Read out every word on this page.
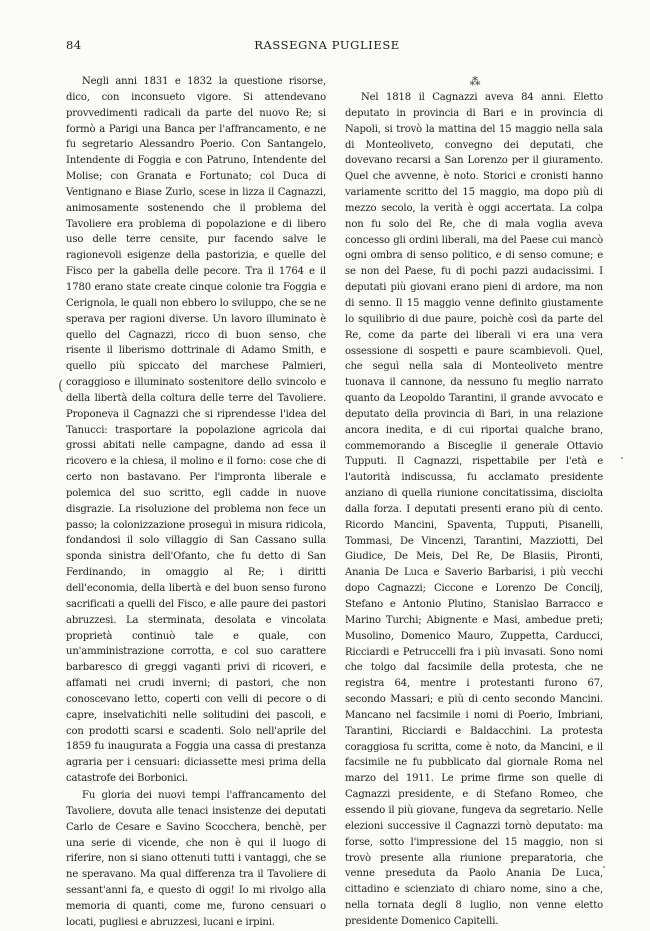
84	RASSEGNA PUGLIESE

Negli anni 1831 e 1832 la questione risorse, dico, con inconsueto vigore. Si attendevano provvedimenti radicali da parte del nuovo Re; si formò a Parigi una Banca per l'affrancamento, e ne fu segretario Alessandro Poerio. Con Santangelo, Intendente di Foggia e con Patruno, Intendente del Molise; con Granata e Fortunato; col Duca di Ventignano e Biase Zurlo, scese in lizza il Cagnazzi, animosamente sostenendo che il problema del Tavoliere era problema di popolazione e di libero uso delle terre censite, pur facendo salve le ragionevoli esigenze della pastorizia, e quelle del Fisco per la gabella delle pecore. Tra il 1764 e il 1780 erano state create cinque colonie tra Foggia e Cerignola, le quali non ebbero lo sviluppo, che se ne sperava per ragioni diverse. Un lavoro illuminato è quello del Cagnazzi, ricco di buon senso, che risente il liberismo dottrinale di Adamo Smith, e quello più spiccato del marchese Palmieri, coraggioso e illuminato sostenitore dello svincolo e della libertà della coltura delle terre del Tavoliere. Proponeva il Cagnazzi che si riprendesse l'idea del Tanucci: trasportare la popolazione agricola dai grossi abitati nelle campagne, dando ad essa il ricovero e la chiesa, il molino e il forno: cose che di certo non bastavano. Per l'impronta liberale e polemica del suo scritto, egli cadde in nuove disgrazie. La risoluzione del problema non fece un passo; la colonizzazione proseguì in misura ridicola, fondandosi il solo villaggio di San Cassano sulla sponda sinistra dell'Ofanto, che fu detto di San Ferdinando, in omaggio al Re; i diritti dell'economia, della libertà e del buon senso furono sacrificati a quelli del Fisco, e alle paure dei pastori abruzzesi. La sterminata, desolata e vincolata proprietà continuò tale e quale, con un'amministrazione corrotta, e col suo carattere barbaresco di greggi vaganti privi di ricoveri, e affamati nei crudi inverni; di pastori, che non conoscevano letto, coperti con velli di pecore o di capre, inselvatichiti nelle solitudini dei pascoli, e con prodotti scarsi e scadenti. Solo nell'aprile del 1859 fu inaugurata a Foggia una cassa di prestanza agraria per i censuari: diciassette mesi prima della catastrofe dei Borbonici.

Fu gloria dei nuovi tempi l'affrancamento del Tavoliere, dovuta alle tenaci insistenze dei deputati Carlo de Cesare e Savino Scocchera, benchè, per una serie di vicende, che non è qui il luogo di riferire, non si siano ottenuti tutti i vantaggi, che se ne speravano. Ma qual differenza tra il Tavoliere di sessant'anni fa, e questo di oggi! Io mi rivolgo alla memoria di quanti, come me, furono censuari o locati, pugliesi e abruzzesi, lucani e irpini.

(
⁂

Nel 1818 il Cagnazzi aveva 84 anni. Eletto deputato in provincia di Bari e in provincia di Napoli, si trovò la mattina del 15 maggio nella sala di Monteoliveto, convegno dei deputati, che dovevano recarsi a San Lorenzo per il giuramento. Quel che avvenne, è noto. Storici e cronisti hanno variamente scritto del 15 maggio, ma dopo più di mezzo secolo, la verità è oggi accertata. La colpa non fu solo del Re, che di mala voglia aveva concesso gli ordini liberali, ma del Paese cui mancò ogni ombra di senso politico, e di senso comune; e se non del Paese, fu di pochi pazzi audacissimi. I deputati più giovani erano pieni di ardore, ma non di senno. Il 15 maggio venne definito giustamente lo squilibrio di due paure, poichè così da parte del Re, come da parte dei liberali vi era una vera ossessione di sospetti e paure scambievoli. Quel, che seguì nella sala di Monteoliveto mentre tuonava il cannone, da nessuno fu meglio narrato quanto da Leopoldo Tarantini, il grande avvocato e deputato della provincia di Bari, in una relazione ancora inedita, e di cui riportai qualche brano, commemorando a Bisceglie il generale Ottavio Tupputi. Il Cagnazzi, rispettabile per l'età e l'autorità indiscussa, fu acclamato presidente anziano di quella riunione concitatissima, disciolta dalla forza. I deputati presenti erano più di cento. Ricordo Mancini, Spaventa, Tupputi, Pisanelli, Tommasi, De Vincenzi, Tarantini, Mazziotti, Del Giudice, De Meis, Del Re, De Blasiis, Pironti, Anania De Luca e Saverio Barbarisi, i più vecchi dopo Cagnazzi; Ciccone e Lorenzo De Concilj, Stefano e Antonio Plutino, Stanislao Barracco e Marino Turchi; Abignente e Masi, ambedue preti; Musolino, Domenico Mauro, Zuppetta, Carducci, Ricciardi e Petruccelli fra i più invasati. Sono nomi che tolgo dal facsimile della protesta, che ne registra 64, mentre i protestanti furono 67, secondo Massari; e più di cento secondo Mancini. Mancano nel facsimile i nomi di Poerio, Imbriani, Tarantini, Ricciardi e Baldacchini. La protesta coraggiosa fu scritta, come è noto, da Mancini, e il facsimile ne fu pubblicato dal giornale Roma nel marzo del 1911. Le prime firme son quelle di Cagnazzi presidente, e di Stefano Romeo, che essendo il più giovane, fungeva da segretario. Nelle elezioni successive il Cagnazzi tornò deputato: ma forse, sotto l'impressione del 15 maggio, non si trovò presente alla riunione preparatoria, che venne preseduta da Paolo Anania De Luca, cittadino e scienziato di chiaro nome, sino a che, nella tornata degli 8 luglio, non venne eletto presidente Domenico Capitelli.
